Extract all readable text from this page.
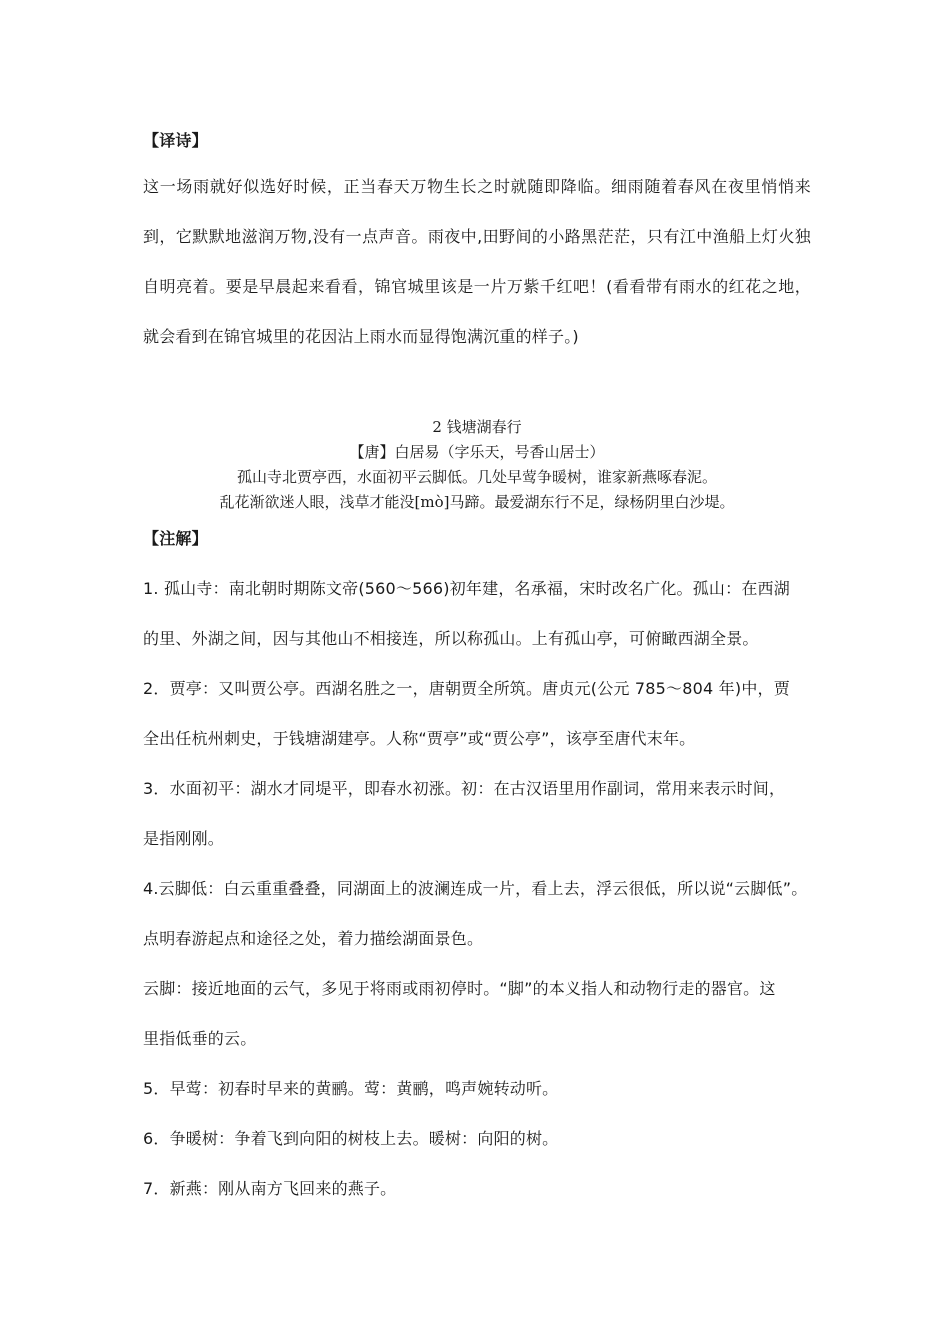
【译诗】
这一场雨就好似选好时候，正当春天万物生长之时就随即降临。细雨随着春风在夜里悄悄来到，它默默地滋润万物,没有一点声音。雨夜中,田野间的小路黑茫茫，只有江中渔船上灯火独自明亮着。要是早晨起来看看，锦官城里该是一片万紫千红吧！(看看带有雨水的红花之地，就会看到在锦官城里的花因沾上雨水而显得饱满沉重的样子。)
2 钱塘湖春行
【唐】白居易（字乐天，号香山居士）
孤山寺北贾亭西，水面初平云脚低。几处早莺争暖树，谁家新燕啄春泥。
乱花渐欲迷人眼，浅草才能没[mò]马蹄。最爱湖东行不足，绿杨阴里白沙堤。
【注解】
1. 孤山寺：南北朝时期陈文帝(560～566)初年建，名承福，宋时改名广化。孤山：在西湖
的里、外湖之间，因与其他山不相接连，所以称孤山。上有孤山亭，可俯瞰西湖全景。
2．贾亭：又叫贾公亭。西湖名胜之一，唐朝贾全所筑。唐贞元(公元 785～804 年)中，贾
全出任杭州刺史，于钱塘湖建亭。人称“贾亭”或“贾公亭”，该亭至唐代末年。
3．水面初平：湖水才同堤平，即春水初涨。初：在古汉语里用作副词，常用来表示时间，
是指刚刚。
4.云脚低：白云重重叠叠，同湖面上的波澜连成一片，看上去，浮云很低，所以说“云脚低”。
点明春游起点和途径之处，着力描绘湖面景色。
云脚：接近地面的云气，多见于将雨或雨初停时。“脚”的本义指人和动物行走的器官。这
里指低垂的云。
5．早莺：初春时早来的黄鹂。莺：黄鹂，鸣声婉转动听。
6．争暖树：争着飞到向阳的树枝上去。暖树：向阳的树。
7．新燕：刚从南方飞回来的燕子。
